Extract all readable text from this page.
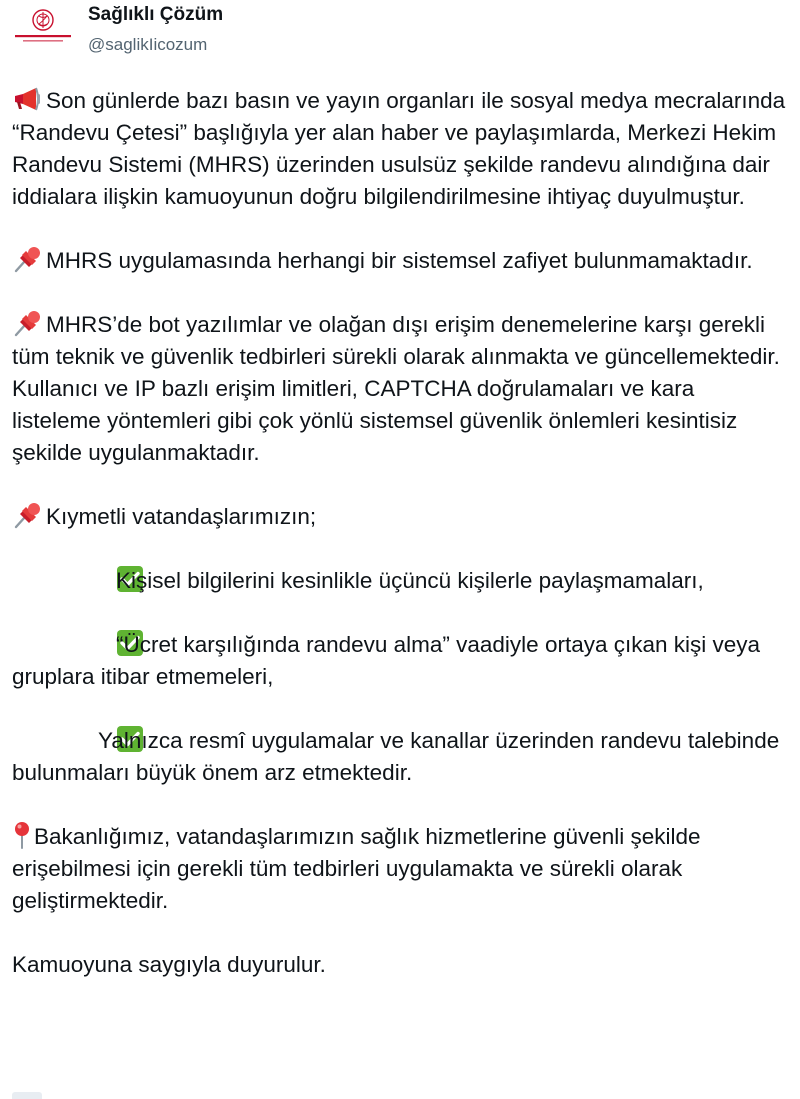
Sağlıklı Çözüm
@saglikIicozum

Son günlerde bazı basın ve yayın organları ile sosyal medya mecralarında “Randevu Çetesi” başlığıyla yer alan haber ve paylaşımlarda, Merkezi Hekim Randevu Sistemi (MHRS) üzerinden usulsüz şekilde randevu alındığına dair iddialara ilişkin kamuoyunun doğru bilgilendirilmesine ihtiyaç duyulmuştur.

MHRS uygulamasında herhangi bir sistemsel zafiyet bulunmamaktadır.

MHRS’de bot yazılımlar ve olağan dışı erişim denemelerine karşı gerekli tüm teknik ve güvenlik tedbirleri sürekli olarak alınmakta ve güncellemektedir. Kullanıcı ve IP bazlı erişim limitleri, CAPTCHA doğrulamaları ve kara listeleme yöntemleri gibi çok yönlü sistemsel güvenlik önlemleri kesintisiz şekilde uygulanmaktadır.

Kıymetli vatandaşlarımızın;

Kişisel bilgilerini kesinlikle üçüncü kişilerle paylaşmamaları,

“Ücret karşılığında randevu alma” vaadiyle ortaya çıkan kişi veya gruplara itibar etmemeleri,

Yalnızca resmî uygulamalar ve kanallar üzerinden randevu talebinde bulunmaları büyük önem arz etmektedir.

Bakanlığımız, vatandaşlarımızın sağlık hizmetlerine güvenli şekilde erişebilmesi için gerekli tüm tedbirleri uygulamakta ve sürekli olarak geliştirmektedir.

Kamuoyuna saygıyla duyurulur.
